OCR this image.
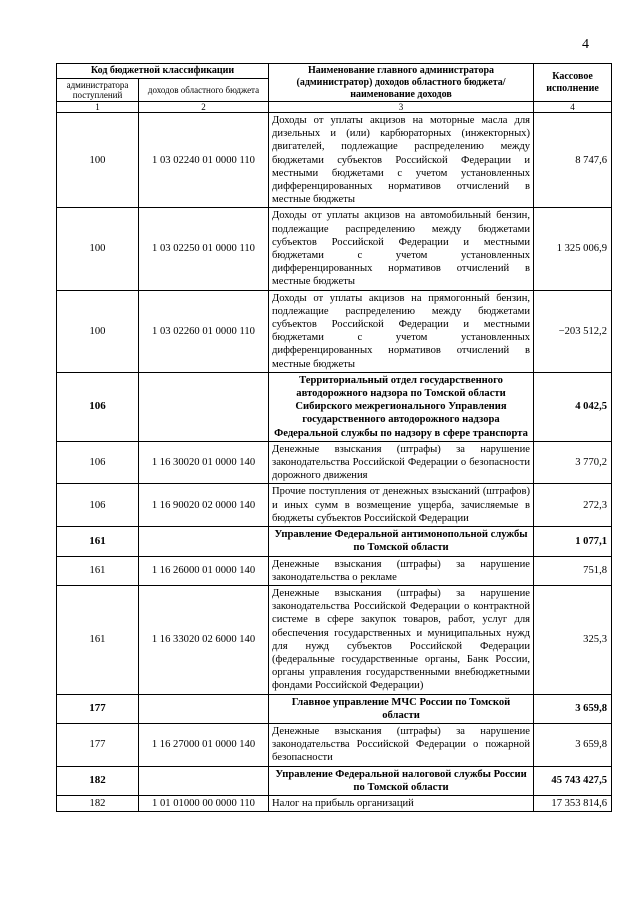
4
Код бюджетной классификации		Наименование главного администратора (администратор) доходов областного бюджета/ наименование доходов	Кассовое исполнение
администратора поступлений	доходов областного бюджета		
1	2	3	4
100	1 03 02240 01 0000 110	Доходы от уплаты акцизов на моторные масла для дизельных и (или) карбюраторных (инжекторных) двигателей, подлежащие распределению между бюджетами субъектов Российской Федерации и местными бюджетами с учетом установленных дифференцированных нормативов отчислений в местные бюджеты	8 747,6
100	1 03 02250 01 0000 110	Доходы от уплаты акцизов на автомобильный бензин, подлежащие распределению между бюджетами субъектов Российской Федерации и местными бюджетами с учетом установленных дифференцированных нормативов отчислений в местные бюджеты	1 325 006,9
100	1 03 02260 01 0000 110	Доходы от уплаты акцизов на прямогонный бензин, подлежащие распределению между бюджетами субъектов Российской Федерации и местными бюджетами с учетом установленных дифференцированных нормативов отчислений в местные бюджеты	−203 512,2
106		Территориальный отдел государственного автодорожного надзора по Томской области Сибирского межрегионального Управления государственного автодорожного надзора Федеральной службы по надзору в сфере транспорта	4 042,5
106	1 16 30020 01 0000 140	Денежные взыскания (штрафы) за нарушение законодательства Российской Федерации о безопасности дорожного движения	3 770,2
106	1 16 90020 02 0000 140	Прочие поступления от денежных взысканий (штрафов) и иных сумм в возмещение ущерба, зачисляемые в бюджеты субъектов Российской Федерации	272,3
161		Управление Федеральной антимонопольной службы по Томской области	1 077,1
161	1 16 26000 01 0000 140	Денежные взыскания (штрафы) за нарушение законодательства о рекламе	751,8
161	1 16 33020 02 6000 140	Денежные взыскания (штрафы) за нарушение законодательства Российской Федерации о контрактной системе в сфере закупок товаров, работ, услуг для обеспечения государственных и муниципальных нужд для нужд субъектов Российской Федерации (федеральные государственные органы, Банк России, органы управления государственными внебюджетными фондами Российской Федерации)	325,3
177		Главное управление МЧС России по Томской области	3 659,8
177	1 16 27000 01 0000 140	Денежные взыскания (штрафы) за нарушение законодательства Российской Федерации о пожарной безопасности	3 659,8
182		Управление Федеральной налоговой службы России по Томской области	45 743 427,5
182	1 01 01000 00 0000 110	Налог на прибыль организаций	17 353 814,6
